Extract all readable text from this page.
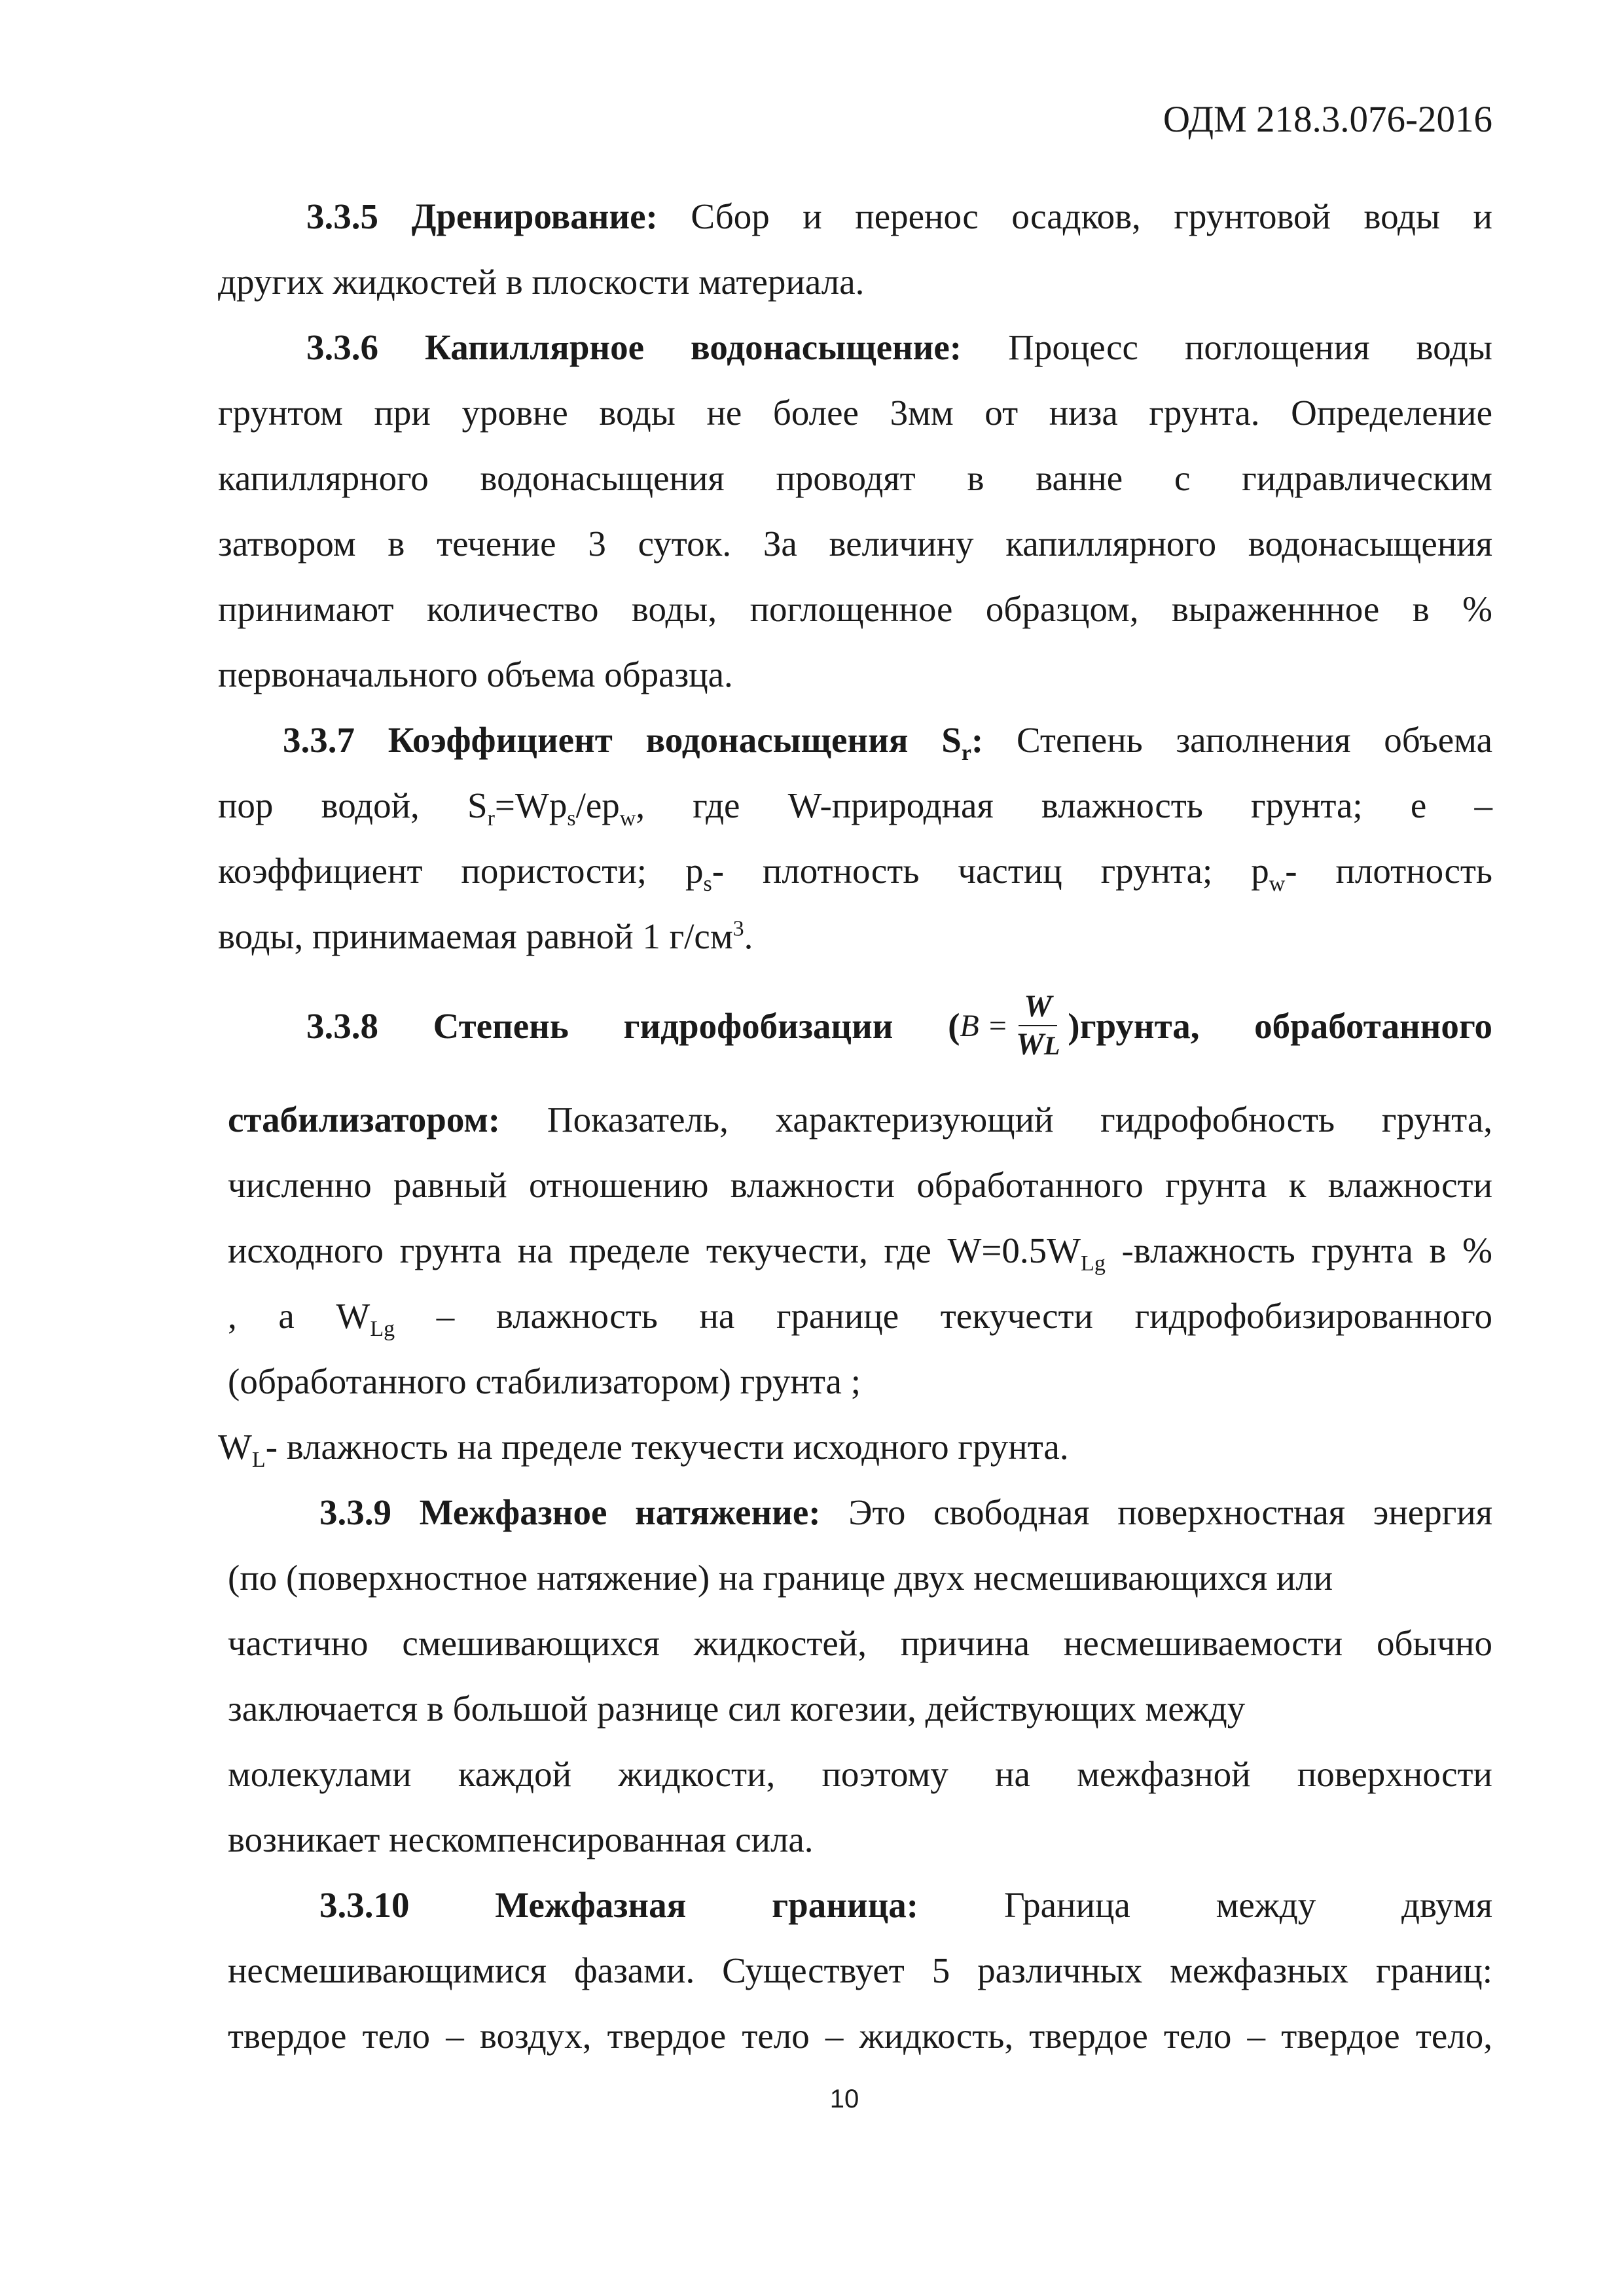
ОДМ 218.3.076-2016
3.3.5 Дренирование: Сбор и перенос осадков, грунтовой воды и
других жидкостей в плоскости материала.
3.3.6 Капиллярное водонасыщение: Процесс поглощения воды
грунтом при уровне воды не более 3мм от низа грунта. Определение
капиллярного водонасыщения проводят в ванне с гидравлическим
затвором в течение 3 суток. За величину капиллярного водонасыщения
принимают количество воды, поглощенное образцом, выраженнное в %
первоначального объема образца.
3.3.7 Коэффициент водонасыщения $S_r$: Степень заполнения объема
пор водой, $S_r=Wp_s/ep_w$, где W-природная влажность грунта; е –
коэффициент пористости; $p_s-$ плотность частиц грунта; $p_w-$ плотность
воды, принимаемая равной 1 $г/см^3$.
3.3.8 Степень гидрофобизации ( $B = \frac{W}{WL}$ )грунта, обработанного
стабилизатором: Показатель, характеризующий гидрофобность грунта,
численно равный отношению влажности обработанного грунта к влажности
исходного грунта на пределе текучести, где $W=0.5W_{Lg}$ -влажность грунта в %
, а $W_{Lg}$ – влажность на границе текучести гидрофобизированного
(обработанного стабилизатором) грунта ;
$W_L-$ влажность на пределе текучести исходного грунта.
3.3.9 Межфазное натяжение: Это свободная поверхностная энергия
(по (поверхностное натяжение) на границе двух несмешивающихся или
частично смешивающихся жидкостей, причина несмешиваемости обычно
заключается в большой разнице сил когезии, действующих между
молекулами каждой жидкости, поэтому на межфазной поверхности
возникает нескомпенсированная сила.
3.3.10 Межфазная граница: Граница между двумя
несмешивающимися фазами. Существует 5 различных межфазных границ:
твердое тело – воздух, твердое тело – жидкость, твердое тело – твердое тело,
10
